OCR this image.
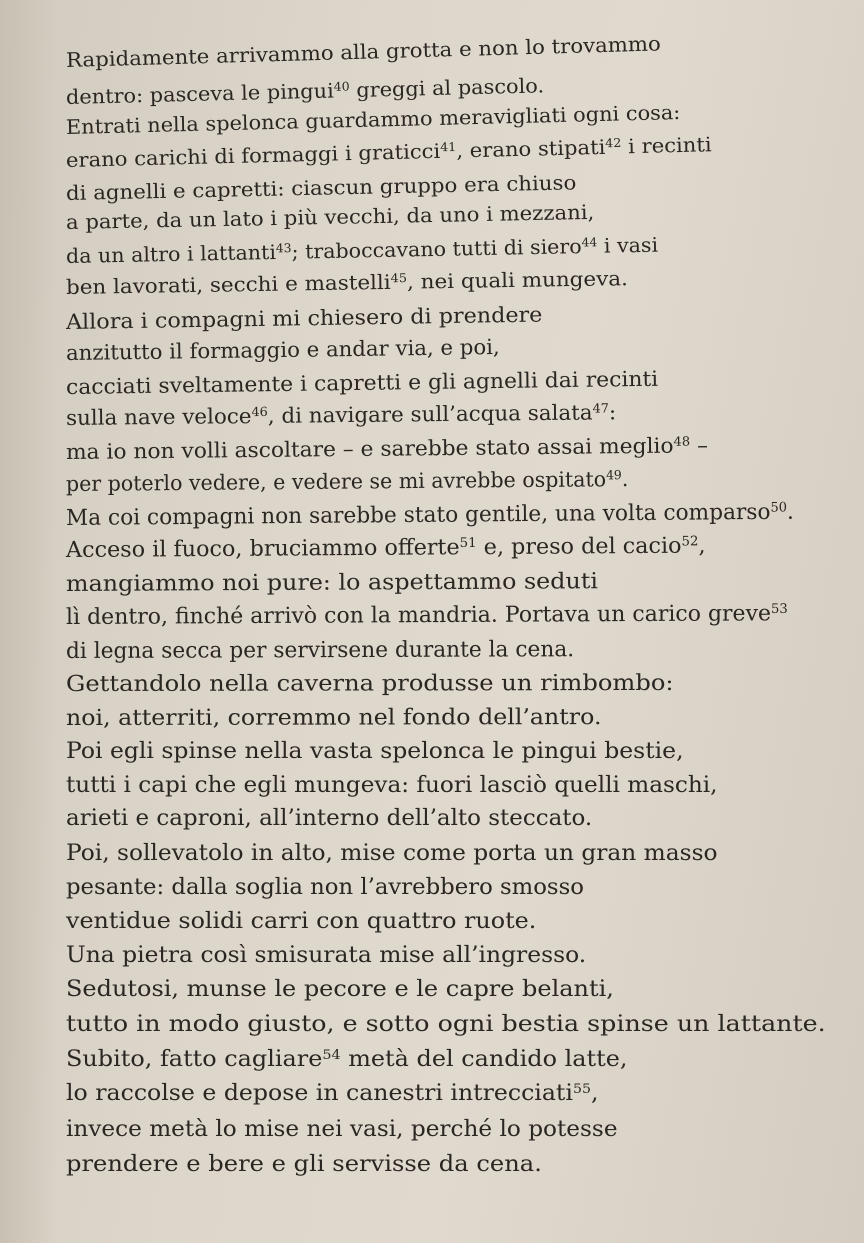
Rapidamente arrivammo alla grotta e non lo trovammo
dentro: pasceva le pingui$^{40}$ greggi al pascolo.
Entrati nella spelonca guardammo meravigliati ogni cosa:
erano carichi di formaggi i graticci$^{41}$, erano stipati$^{42}$ i recinti
di agnelli e capretti: ciascun gruppo era chiuso
a parte, da un lato i più vecchi, da uno i mezzani,
da un altro i lattanti$^{43}$; traboccavano tutti di siero$^{44}$ i vasi
ben lavorati, secchi e mastelli$^{45}$, nei quali mungeva.
Allora i compagni mi chiesero di prendere
anzitutto il formaggio e andar via, e poi,
cacciati sveltamente i capretti e gli agnelli dai recinti
sulla nave veloce$^{46}$, di navigare sull’acqua salata$^{47}$:
ma io non volli ascoltare – e sarebbe stato assai meglio$^{48}$ –
per poterlo vedere, e vedere se mi avrebbe ospitato$^{49}$.
Ma coi compagni non sarebbe stato gentile, una volta comparso$^{50}$.
Acceso il fuoco, bruciammo offerte$^{51}$ e, preso del cacio$^{52}$,
mangiammo noi pure: lo aspettammo seduti
lì dentro, finché arrivò con la mandria. Portava un carico greve$^{53}$
di legna secca per servirsene durante la cena.
Gettandolo nella caverna produsse un rimbombo:
noi, atterriti, corremmo nel fondo dell’antro.
Poi egli spinse nella vasta spelonca le pingui bestie,
tutti i capi che egli mungeva: fuori lasciò quelli maschi,
arieti e caproni, all’interno dell’alto steccato.
Poi, sollevatolo in alto, mise come porta un gran masso
pesante: dalla soglia non l’avrebbero smosso
ventidue solidi carri con quattro ruote.
Una pietra così smisurata mise all’ingresso.
Sedutosi, munse le pecore e le capre belanti,
tutto in modo giusto, e sotto ogni bestia spinse un lattante.
Subito, fatto cagliare$^{54}$ metà del candido latte,
lo raccolse e depose in canestri intrecciati$^{55}$,
invece metà lo mise nei vasi, perché lo potesse
prendere e bere e gli servisse da cena.
